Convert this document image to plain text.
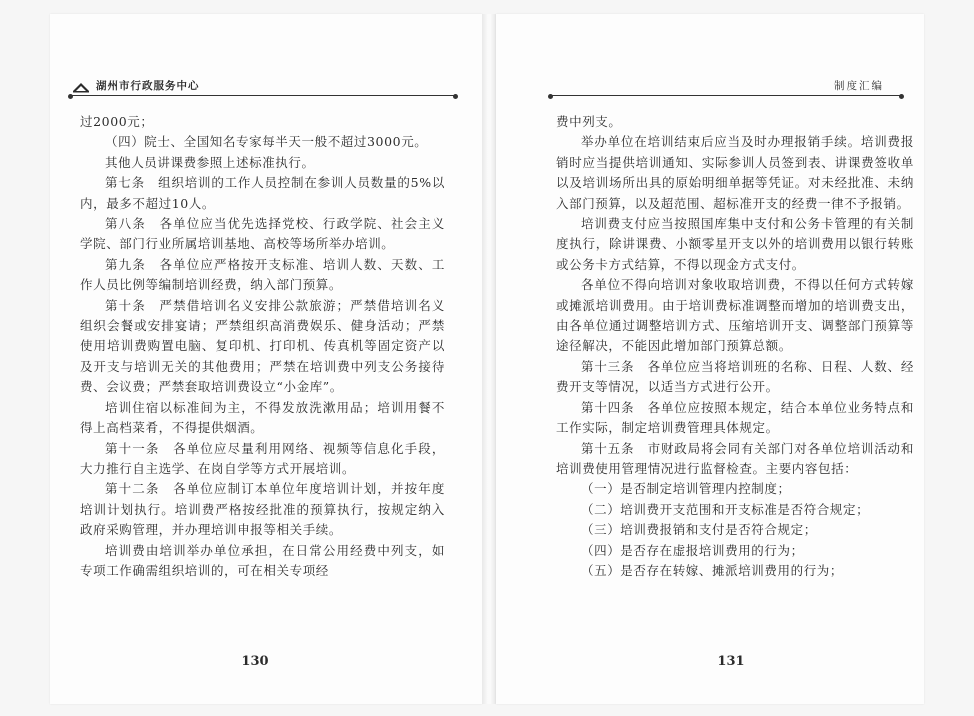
湖州市行政服务中心

过2000元；

（四）院士、全国知名专家每半天一般不超过3000元。

其他人员讲课费参照上述标准执行。

第七条　组织培训的工作人员控制在参训人员数量的5%以内，最多不超过10人。

第八条　各单位应当优先选择党校、行政学院、社会主义学院、部门行业所属培训基地、高校等场所举办培训。

第九条　各单位应严格按开支标准、培训人数、天数、工作人员比例等编制培训经费，纳入部门预算。

第十条　严禁借培训名义安排公款旅游；严禁借培训名义组织会餐或安排宴请；严禁组织高消费娱乐、健身活动；严禁使用培训费购置电脑、复印机、打印机、传真机等固定资产以及开支与培训无关的其他费用；严禁在培训费中列支公务接待费、会议费；严禁套取培训费设立“小金库”。

培训住宿以标准间为主，不得发放洗漱用品；培训用餐不得上高档菜肴，不得提供烟酒。

第十一条　各单位应尽量利用网络、视频等信息化手段，大力推行自主选学、在岗自学等方式开展培训。

第十二条　各单位应制订本单位年度培训计划，并按年度培训计划执行。培训费严格按经批准的预算执行，按规定纳入政府采购管理，并办理培训申报等相关手续。

培训费由培训举办单位承担，在日常公用经费中列支，如专项工作确需组织培训的，可在相关专项经

130
制度汇编

费中列支。

举办单位在培训结束后应当及时办理报销手续。培训费报销时应当提供培训通知、实际参训人员签到表、讲课费签收单以及培训场所出具的原始明细单据等凭证。对未经批准、未纳入部门预算，以及超范围、超标准开支的经费一律不予报销。

培训费支付应当按照国库集中支付和公务卡管理的有关制度执行，除讲课费、小额零星开支以外的培训费用以银行转账或公务卡方式结算，不得以现金方式支付。

各单位不得向培训对象收取培训费，不得以任何方式转嫁或摊派培训费用。由于培训费标准调整而增加的培训费支出，由各单位通过调整培训方式、压缩培训开支、调整部门预算等途径解决，不能因此增加部门预算总额。

第十三条　各单位应当将培训班的名称、日程、人数、经费开支等情况，以适当方式进行公开。

第十四条　各单位应按照本规定，结合本单位业务特点和工作实际，制定培训费管理具体规定。

第十五条　市财政局将会同有关部门对各单位培训活动和培训费使用管理情况进行监督检查。主要内容包括：

（一）是否制定培训管理内控制度；

（二）培训费开支范围和开支标准是否符合规定；

（三）培训费报销和支付是否符合规定；

（四）是否存在虚报培训费用的行为；

（五）是否存在转嫁、摊派培训费用的行为；

131
